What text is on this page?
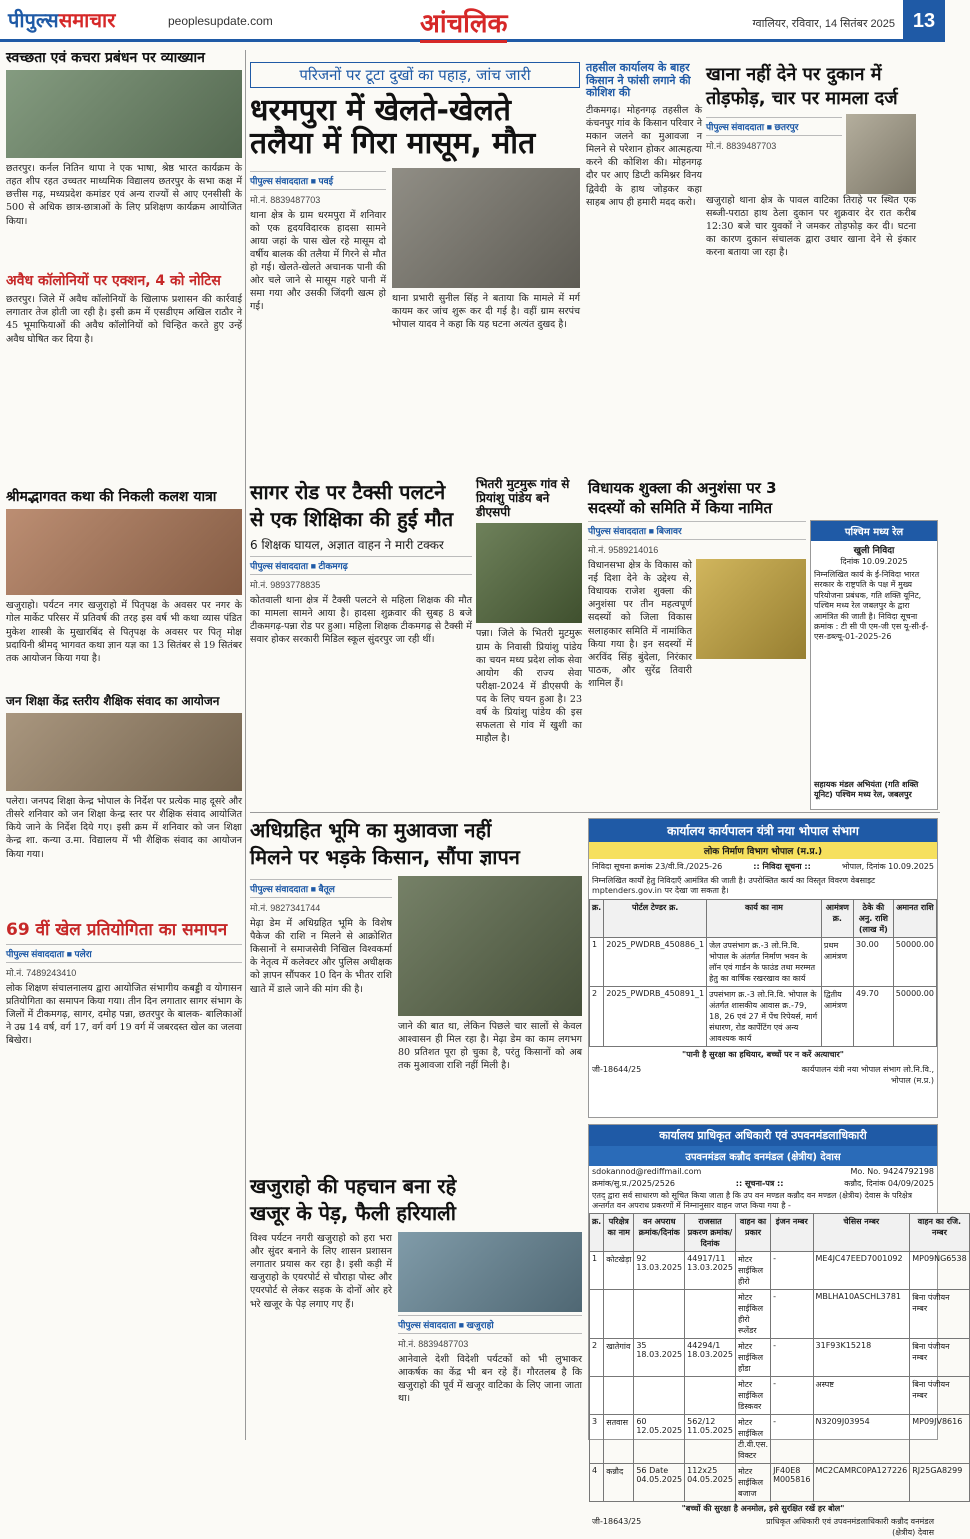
पीपुल्ससमाचार	peoplesupdate.com	आंचलिक	ग्वालियर, रविवार, 14 सितंबर 2025 13
स्वच्छता एवं कचरा प्रबंधन पर व्याख्यान
छतरपुर। कर्नल नितिन थापा ने एक भाषा, श्रेष्ठ भारत कार्यक्रम के तहत शीप रहत उच्चतर माध्यमिक विद्यालय छतरपुर के सभा कक्ष में छत्तीस गढ़, मध्यप्रदेश कमांडर एवं अन्य राज्यों से आए एनसीसी के 500 से अधिक छात्र-छात्राओं के लिए प्रशिक्षण कार्यक्रम आयोजित किया।
अवैध कॉलोनियों पर एक्शन, 4 को नोटिस
छतरपुर। जिले में अवैध कॉलोनियों के खिलाफ प्रशासन की कार्रवाई लगातार तेज होती जा रही है। इसी क्रम में एसडीएम अखिल राठौर ने 45 भूमाफियाओं की अवैध कॉलोनियों को चिन्हित करते हुए उन्हें अवैध घोषित कर दिया है।
श्रीमद्भागवत कथा की निकली कलश यात्रा
खजुराहो। पर्यटन नगर खजुराहो में पितृपक्ष के अवसर पर नगर के गोल मार्केट परिसर में प्रतिवर्ष की तरह इस वर्ष भी कथा व्यास पंडित मुकेश शास्त्री के मुखारबिंद से पितृपक्ष के अवसर पर पितृ मोक्ष प्रदायिनी श्रीमद् भागवत कथा ज्ञान यज्ञ का 13 सितंबर से 19 सितंबर तक आयोजन किया गया है।
जन शिक्षा केंद्र स्तरीय शैक्षिक संवाद का आयोजन
पलेरा। जनपद शिक्षा केन्द्र भोपाल के निर्देश पर प्रत्येक माह दूसरे और तीसरे शनिवार को जन शिक्षा केन्द्र स्तर पर शैक्षिक संवाद आयोजित किये जाने के निर्देश दिये गए। इसी क्रम में शनिवार को जन शिक्षा केन्द्र शा. कन्या उ.मा. विद्यालय में भी शैक्षिक संवाद का आयोजन किया गया।
69 वीं खेल प्रतियोगिता का समापन
पीपुल्स संवाददाता ■ पलेरा
मो.नं. 7489243410
लोक शिक्षण संचालनालय द्वारा आयोजित संभागीय कबड्डी व योगासन प्रतियोगिता का समापन किया गया। तीन दिन लगातार सागर संभाग के जिलों में टीकमगढ़, सागर, दमोह पन्ना, छतरपुर के बालक- बालिकाओं ने उम्र 14 वर्ष, वर्ग 17, वर्ग वर्ग 19 वर्ग में जबरदस्त खेल का जलवा बिखेरा।
परिजनों पर टूटा दुखों का पहाड़, जांच जारी
धरमपुरा में खेलते-खेलते
तलैया में गिरा मासूम, मौत
पीपुल्स संवाददाता ■ पवई
मो.नं. 8839487703
थाना क्षेत्र के ग्राम धरमपुरा में शनिवार को एक हृदयविदारक हादसा सामने आया जहां के पास खेल रहे मासूम दो वर्षीय बालक की तलैया में गिरने से मौत हो गई। खेलते-खेलते अचानक पानी की ओर चले जाने से मासूम गहरे पानी में समा गया और उसकी जिंदगी खत्म हो गई।
थाना प्रभारी सुनील सिंह ने बताया कि मामले में मर्ग कायम कर जांच शुरू कर दी गई है। वहीं ग्राम सरपंच भोपाल यादव ने कहा कि यह घटना अत्यंत दुखद है।
तहसील कार्यालय के बाहर किसान ने फांसी लगाने की कोशिश की
टीकमगढ़। मोहनगढ़ तहसील के कंचनपुर गांव के किसान परिवार ने मकान जलने का मुआवजा न मिलने से परेशान होकर आत्महत्या करने की कोशिश की। मोहनगढ़ दौर पर आए डिप्टी कमिश्नर विनय द्विवेदी के हाथ जोड़कर कहा साहब आप ही हमारी मदद करो।
खाना नहीं देने पर दुकान में
तोड़फोड़, चार पर मामला दर्ज
पीपुल्स संवाददाता ■ छतरपुर
मो.नं. 8839487703
खजुराहो थाना क्षेत्र के पावल वाटिका तिराहे पर स्थित एक सब्जी-पराठा हाथ ठेला दुकान पर शुक्रवार देर रात करीब 12:30 बजे चार युवकों ने जमकर तोड़फोड़ कर दी। घटना का कारण दुकान संचालक द्वारा उधार खाना देने से इंकार करना बताया जा रहा है।
सागर रोड पर टैक्सी पलटने
से एक शिक्षिका की हुई मौत
6 शिक्षक घायल, अज्ञात वाहन ने मारी टक्कर
पीपुल्स संवाददाता ■ टीकमगढ़
मो.नं. 9893778835
कोतवाली थाना क्षेत्र में टैक्सी पलटने से महिला शिक्षक की मौत का मामला सामने आया है। हादसा शुक्रवार की सुबह 8 बजे टीकमगढ़-पन्ना रोड पर हुआ। महिला शिक्षक टीकमगढ़ से टैक्सी में सवार होकर सरकारी मिडिल स्कूल सुंदरपुर जा रही थीं।
भितरी मुटमुरू गांव से प्रियांशु पांडेय बने डीएसपी
पन्ना। जिले के भितरी मुटमुरू ग्राम के निवासी प्रियांशु पांडेय का चयन मध्य प्रदेश लोक सेवा आयोग की राज्य सेवा परीक्षा-2024 में डीएसपी के पद के लिए चयन हुआ है। 23 वर्ष के प्रियांशु पांडेय की इस सफलता से गांव में खुशी का माहौल है।
विधायक शुक्ला की अनुशंसा पर 3 सदस्यों को समिति में किया नामित
पीपुल्स संवाददाता ■ बिजावर
मो.नं. 9589214016
विधानसभा क्षेत्र के विकास को नई दिशा देने के उद्देश्य से, विधायक राजेश शुक्ला की अनुशंसा पर तीन महत्वपूर्ण सदस्यों को जिला विकास सलाहकार समिति में नामांकित किया गया है। इन सदस्यों में अरविंद सिंह बुंदेला, निरंकार पाठक, और सुरेंद्र तिवारी शामिल हैं।
पश्चिम मध्य रेल
खुली निविदा
दिनांक 10.09.2025
निम्नलिखित कार्य के ई-निविदा भारत सरकार के राष्ट्रपति के पक्ष में मुख्य परियोजना प्रबंधक, गति शक्ति यूनिट, पश्चिम मध्य रेल जबलपुर के द्वारा आमंत्रित की जाती है। निविदा सूचना क्रमांक : टी सी पी एम-जी एस यू-सी-ई-एस-डब्ल्यू-01-2025-26
सहायक मंडल अभियंता (गति शक्ति यूनिट) पश्चिम मध्य रेल, जबलपुर
अधिग्रहित भूमि का मुआवजा नहीं
मिलने पर भड़के किसान, सौंपा ज्ञापन
पीपुल्स संवाददाता ■ बैतूल
मो.नं. 9827341744
मेढ़ा डेम में अधिग्रहित भूमि के विशेष पैकेज की राशि न मिलने से आक्रोशित किसानों ने समाजसेवी निखिल विश्वकर्मा के नेतृत्व में कलेक्टर और पुलिस अधीक्षक को ज्ञापन सौंपकर 10 दिन के भीतर राशि खाते में डाले जाने की मांग की है।
जाने की बात था, लेकिन पिछले चार सालों से केवल आश्वासन ही मिल रहा है। मेढ़ा डेम का काम लगभग 80 प्रतिशत पूरा हो चुका है, परंतु किसानों को अब तक मुआवजा राशि नहीं मिली है।
कार्यालय कार्यपालन यंत्री नया भोपाल संभाग
लोक निर्माण विभाग भोपाल (म.प्र.)
निविदा सूचना क्रमांक 23/वी.वि./2025-26	:: निविदा सूचना ::	भोपाल, दिनांक 10.09.2025
निम्नलिखित कार्यों हेतु निविदाएँ आमंत्रित की जाती है। उपरोक्तित कार्य का विस्तृत विवरण वेबसाइट mptenders.gov.in पर देखा जा सकता है।
क्र.	पोर्टल टेण्डर क्र.	कार्य का नाम	आमंत्रण क्र.	ठेके की अनु. राशि (लाख में)	अमानत राशि
1	2025_PWDRB_450886_1	जेल उपसंभाग क्र.-3 लो.नि.वि. भोपाल के अंतर्गत निर्माण भवन के लॉन एवं गार्डन के फाउंड तथा मरम्मत हेतु का वार्षिक रखरखाव का कार्य	प्रथम आमंत्रण	30.00	50000.00
2	2025_PWDRB_450891_1	उपसंभाग क्र.-3 लो.नि.वि. भोपाल के अंतर्गत शासकीय आवास क्र.-79, 18, 26 एवं 27 में पेंच रिपेयर्स, मार्ग संधारण, रोड कार्पेटिंग एवं अन्य आवश्यक कार्य	द्वितीय आमंत्रण	49.70	50000.00
"पानी है सुरक्षा का हथियार, बच्चों पर न करें अत्याचार"
जी-18644/25	कार्यपालन यंत्री नया भोपाल संभाग लो.नि.वि., भोपाल (म.प्र.)
खजुराहो की पहचान बना रहे
खजूर के पेड़, फैली हरियाली
विश्व पर्यटन नगरी खजुराहो को हरा भरा और सुंदर बनाने के लिए शासन प्रशासन लगातार प्रयास कर रहा है। इसी कड़ी में खजुराहो के एयरपोर्ट से चौराहा पोस्ट और एयरपोर्ट से लेकर सड़क के दोनों ओर हरे भरे खजूर के पेड़ लगाए गए हैं।
पीपुल्स संवाददाता ■ खजुराहो
मो.नं. 8839487703
आनेवाले देशी विदेशी पर्यटकों को भी लुभाकर आकर्षक का केंद्र भी बन रहे हैं। गौरतलब है कि खजुराहो की पूर्व में खजूर वाटिका के लिए जाना जाता था।
कार्यालय प्राधिकृत अधिकारी एवं उपवनमंडलाधिकारी
उपवनमंडल कन्नौद वनमंडल (क्षेत्रीय) देवास
sdokannod@rediffmail.com	Mo. No. 9424792198
क्रमांक/सु.प्र./2025/2526	:: सूचना-पत्र ::	कन्नौद, दिनांक 04/09/2025
एतद् द्वारा सर्व साधारण को सूचित किया जाता है कि उप वन मण्डल कन्नौद वन मण्डल (क्षेत्रीय) देवास के परिक्षेत्र अन्तर्गत वन अपराध प्रकरणों में निम्नानुसार वाहन जप्त किया गया है -
क्र.	परिक्षेत्र का नाम	वन अपराध क्रमांक/दिनांक	राजसात प्रकरण क्रमांक/दिनांक	वाहन का प्रकार	इंजन नम्बर	चेसिस नम्बर	वाहन का रजि. नम्बर
1	कोटखेड़ा	92 13.03.2025	44917/11 13.03.2025	मोटर साईकिल हीरो	-	ME4JC47EED7001092	MP09NG6538
				मोटर साईकिल हीरो स्प्लेंडर	-	MBLHA10ASCHL3781	बिना पंजीयन नम्बर
2	खातेगांव	35 18.03.2025	44294/1 18.03.2025	मोटर साईकिल होंडा	-	31F93K15218	बिना पंजीयन नम्बर
				मोटर साईकिल डिस्कवर	-	अस्पष्ट	बिना पंजीयन नम्बर
3	सतवास	60 12.05.2025	562/12 11.05.2025	मोटर साईकिल टी.वी.एस. विक्टर	-	N3209J03954	MP09JV8616
4	कन्नौद	56 Date 04.05.2025	112x25 04.05.2025	मोटर साईकिल बजाज	JF40E8 M005816	MC2CAMRC0PA127226	RJ25GA8299
"बच्चों की सुरक्षा है अनमोल, इसे सुरक्षित रखें हर बोल"
जी-18643/25	प्राधिकृत अधिकारी एवं उपवनमंडलाधिकारी कन्नौद वनमंडल (क्षेत्रीय) देवास
